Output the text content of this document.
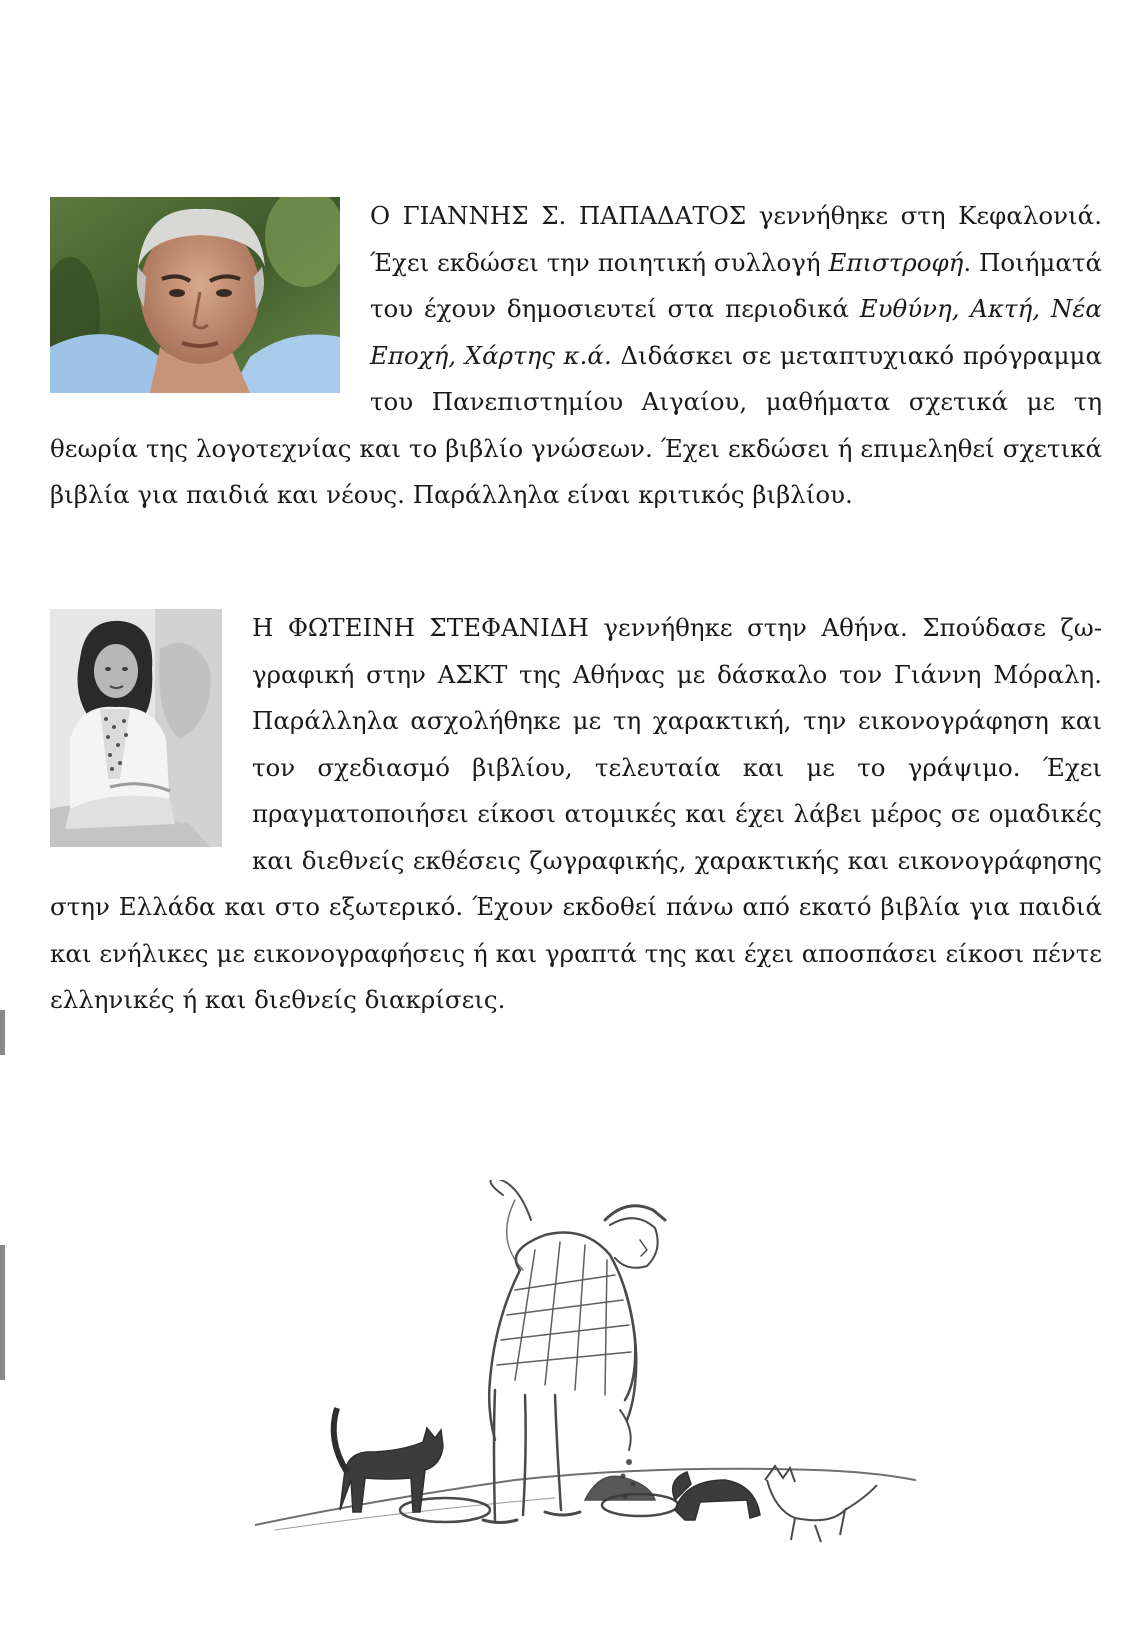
Ο ΓΙΑΝΝΗΣ Σ. ΠΑΠΑΔΑΤΟΣ γεννήθηκε στη Κεφαλονιά. Έχει εκδώσει την ποιητική συλλογή Επιστροφή. Ποιήματά του έχουν δημοσιευτεί στα περιοδικά Ευθύνη, Ακτή, Νέα Εποχή, Χάρτης κ.ά. Διδάσκει σε μεταπτυχιακό πρόγραμμα του Πανεπιστημίου Αιγαίου, μαθήματα σχετικά με τη θεωρία της λογοτεχνίας και το βιβλίο γνώσεων. Έχει εκδώσει ή επιμεληθεί σχετικά βιβλία για παιδιά και νέους. Παράλληλα είναι κριτικός βιβλίου.
Η ΦΩΤΕΙΝΗ ΣΤΕΦΑΝΙΔΗ γεννήθηκε στην Αθήνα. Σπούδασε ζωγραφική στην ΑΣΚΤ της Αθήνας με δάσκαλο τον Γιάννη Μόραλη. Παράλληλα ασχολήθηκε με τη χαρακτική, την εικονογράφηση και τον σχεδιασμό βιβλίου, τελευταία και με το γράψιμο. Έχει πραγματοποιήσει είκοσι ατομικές και έχει λάβει μέρος σε ομαδικές και διεθνείς εκθέσεις ζωγραφικής, χαρακτικής και εικονογράφησης στην Ελλάδα και στο εξωτερικό. Έχουν εκδοθεί πάνω από εκατό βιβλία για παιδιά και ενήλικες με εικονογραφήσεις ή και γραπτά της και έχει αποσπάσει είκοσι πέντε ελληνικές ή και διεθνείς διακρίσεις.
